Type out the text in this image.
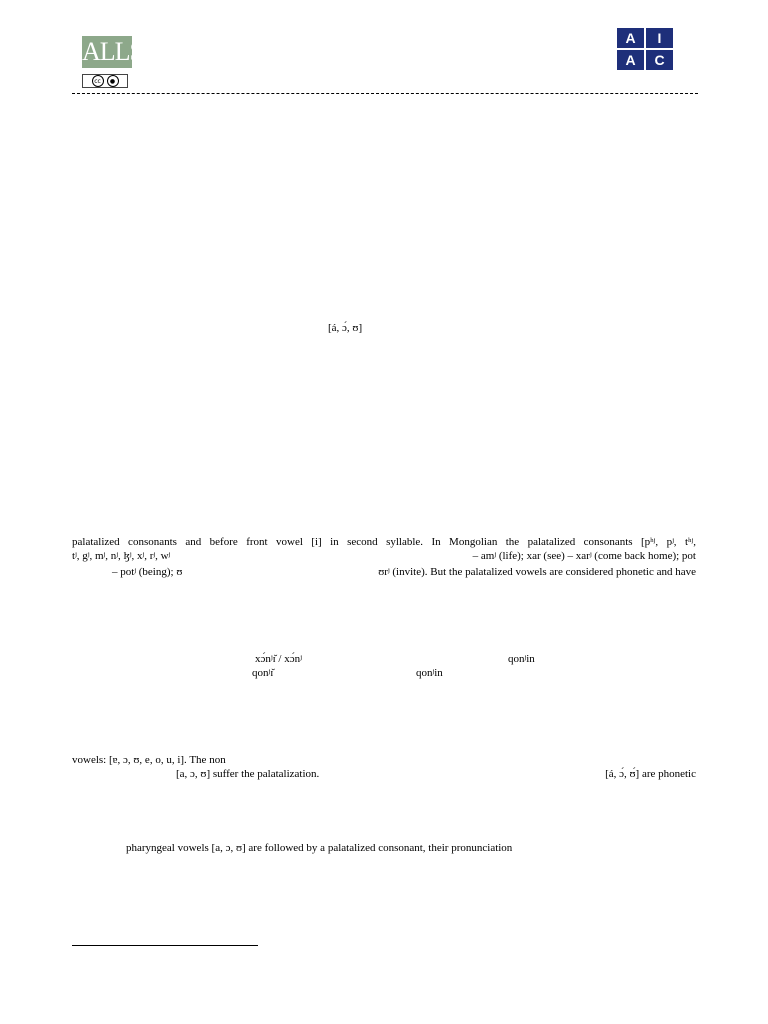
ALLS
cc	●
A	I
A	C
[á, ɔ́, ʊ]
palatalized consonants and before front vowel [i] in second syllable. In Mongolian the palatalized consonants [pʰʲ, pʲ, tʰʲ,
tʲ, gʲ, mʲ, nʲ, ɮʲ, xʲ, rʲ, wʲ	– amʲ (life); xar (see) – xarʲ (come back home); pot
– potʲ (being); ʊ	ʊrʲ (invite). But the palatalized vowels are considered phonetic and have
xɔ́nʲɪ̆ / xɔ́nʲ	qonʲin
qonʲɪ̆	qonʲin
vowels: [ɐ, ɔ, ʊ, e, o, u, i]. The non
[a, ɔ, ʊ] suffer the palatalization.	[á, ɔ́, ʊ́] are phonetic
pharyngeal vowels [a, ɔ, ʊ] are followed by a palatalized consonant, their pronunciation
